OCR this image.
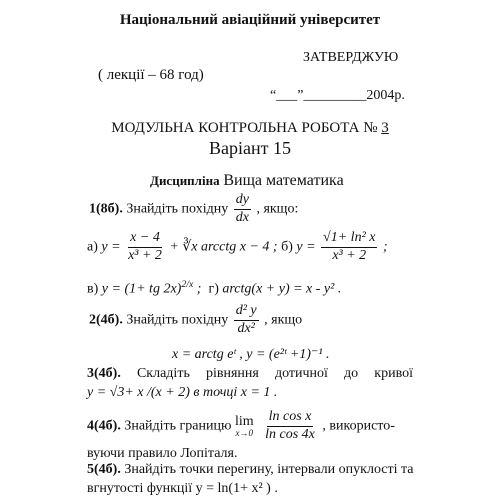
Національний авіаційний університет
ЗАТВЕРДЖУЮ
( лекції – 68 год)
“___”_________2004р.
МОДУЛЬНА КОНТРОЛЬНА РОБОТА № 3
Варіант 15
Дисципліна Вища математика
1(8б). Знайдіть похідну $\frac{dy}{dx}$ , якщо:
а) $y = \frac{x - 4}{\text{x³ + 2}}$ + ∛x arcctg x − 4 ; б) $y = \frac{\text{√1+ ln² x}}{\text{x³ + 2}}$ ;
в) y = (1+ tg 2x)$^{2/x}$ ; г) arctg(x + y) = x - y² .
2(4б). Знайдіть похідну $\frac{\text{d² y}}{\text{dx²}}$ , якщо
x = arctg eᵗ , y = (e²ᵗ +1)⁻¹ .
3(4б). Складіть рівняння дотичної до кривої
y = √3+ x /(x + 2) в точці x = 1 .
4(4б). Знайдіть границю lim
x→0
$\frac{\text{ln cos x}}{\text{ln cos 4x}}$ , використо-
вуючи правило Лопіталя.
5(4б). Знайдіть точки перегину, інтервали опуклості та
вгнутості функції y = ln(1+ x² ) .
